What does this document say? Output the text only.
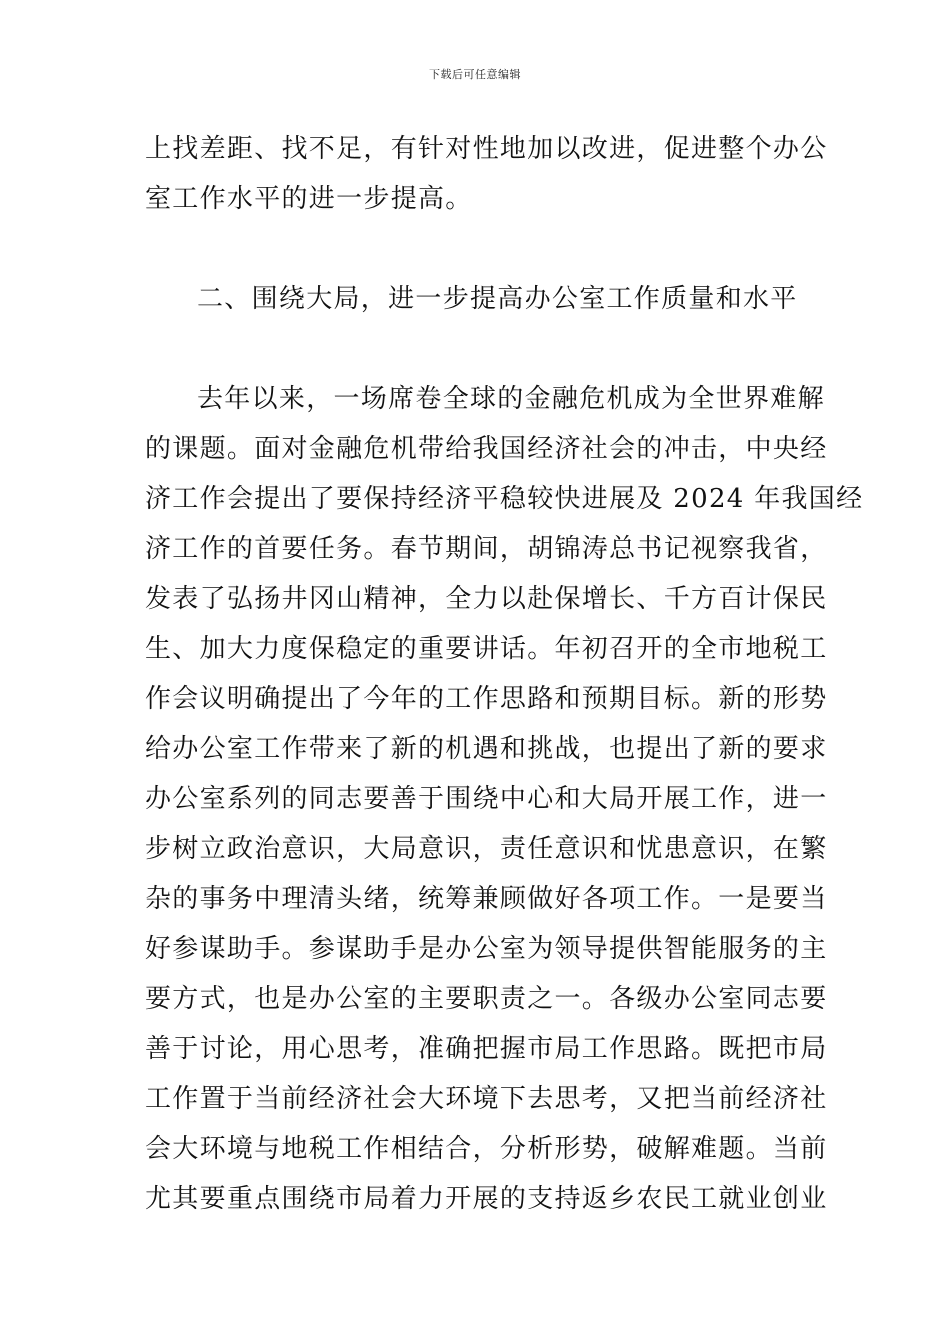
下载后可任意编辑
上找差距、找不足，有针对性地加以改进，促进整个办公
室工作水平的进一步提高。
二、围绕大局，进一步提高办公室工作质量和水平
去年以来，一场席卷全球的金融危机成为全世界难解
的课题。面对金融危机带给我国经济社会的冲击，中央经
济工作会提出了要保持经济平稳较快进展及 2024 年我国经
济工作的首要任务。春节期间，胡锦涛总书记视察我省，
发表了弘扬井冈山精神，全力以赴保增长、千方百计保民
生、加大力度保稳定的重要讲话。年初召开的全市地税工
作会议明确提出了今年的工作思路和预期目标。新的形势
给办公室工作带来了新的机遇和挑战，也提出了新的要求
办公室系列的同志要善于围绕中心和大局开展工作，进一
步树立政治意识，大局意识，责任意识和忧患意识，在繁
杂的事务中理清头绪，统筹兼顾做好各项工作。一是要当
好参谋助手。参谋助手是办公室为领导提供智能服务的主
要方式，也是办公室的主要职责之一。各级办公室同志要
善于讨论，用心思考，准确把握市局工作思路。既把市局
工作置于当前经济社会大环境下去思考，又把当前经济社
会大环境与地税工作相结合，分析形势，破解难题。当前
尤其要重点围绕市局着力开展的支持返乡农民工就业创业
